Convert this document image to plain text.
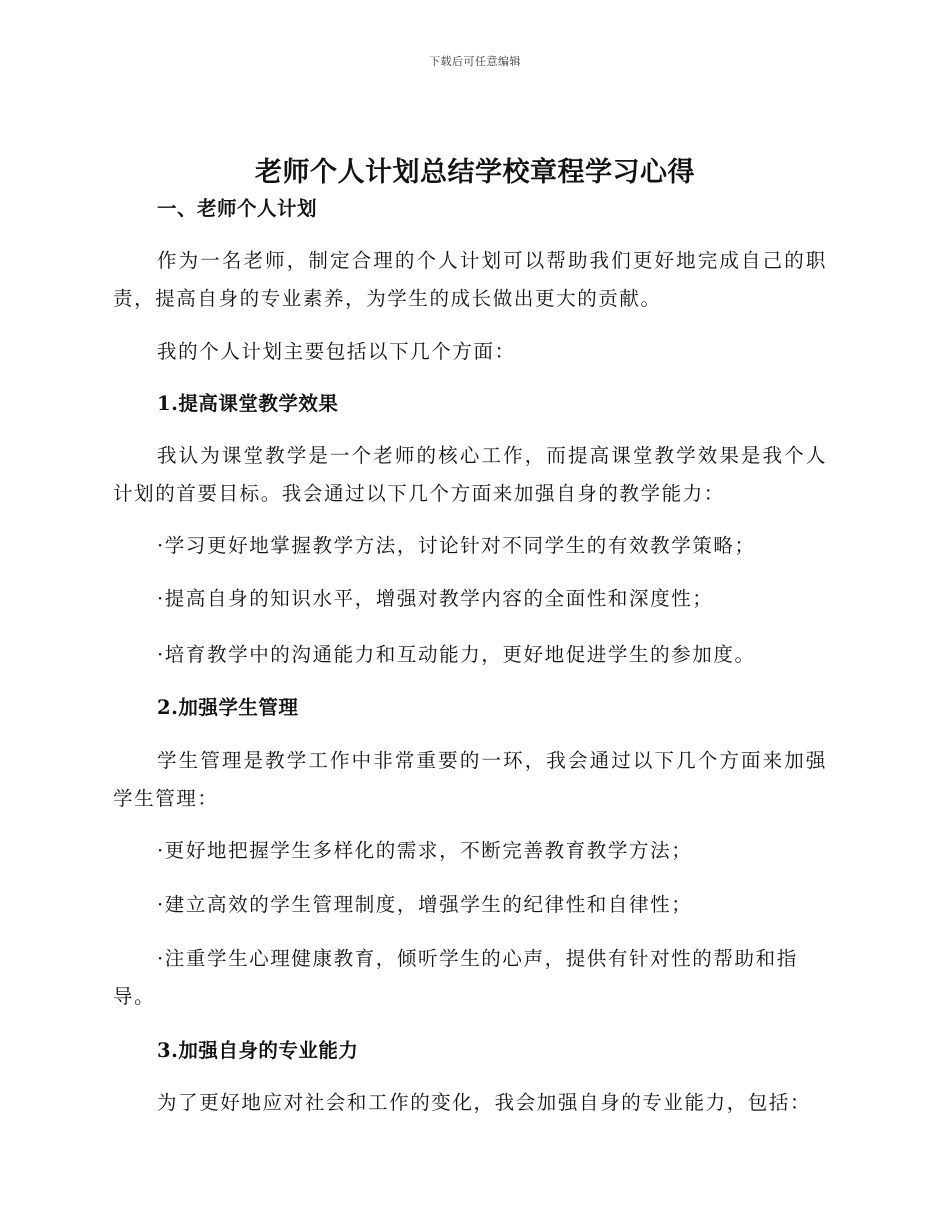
下载后可任意编辑
老师个人计划总结学校章程学习心得
一、老师个人计划
作为一名老师，制定合理的个人计划可以帮助我们更好地完成自己的职责，提高自身的专业素养，为学生的成长做出更大的贡献。
我的个人计划主要包括以下几个方面：
1.提高课堂教学效果
我认为课堂教学是一个老师的核心工作，而提高课堂教学效果是我个人计划的首要目标。我会通过以下几个方面来加强自身的教学能力：
·学习更好地掌握教学方法，讨论针对不同学生的有效教学策略；
·提高自身的知识水平，增强对教学内容的全面性和深度性；
·培育教学中的沟通能力和互动能力，更好地促进学生的参加度。
2.加强学生管理
学生管理是教学工作中非常重要的一环，我会通过以下几个方面来加强学生管理：
·更好地把握学生多样化的需求，不断完善教育教学方法；
·建立高效的学生管理制度，增强学生的纪律性和自律性；
·注重学生心理健康教育，倾听学生的心声，提供有针对性的帮助和指导。
3.加强自身的专业能力
为了更好地应对社会和工作的变化，我会加强自身的专业能力，包括：
